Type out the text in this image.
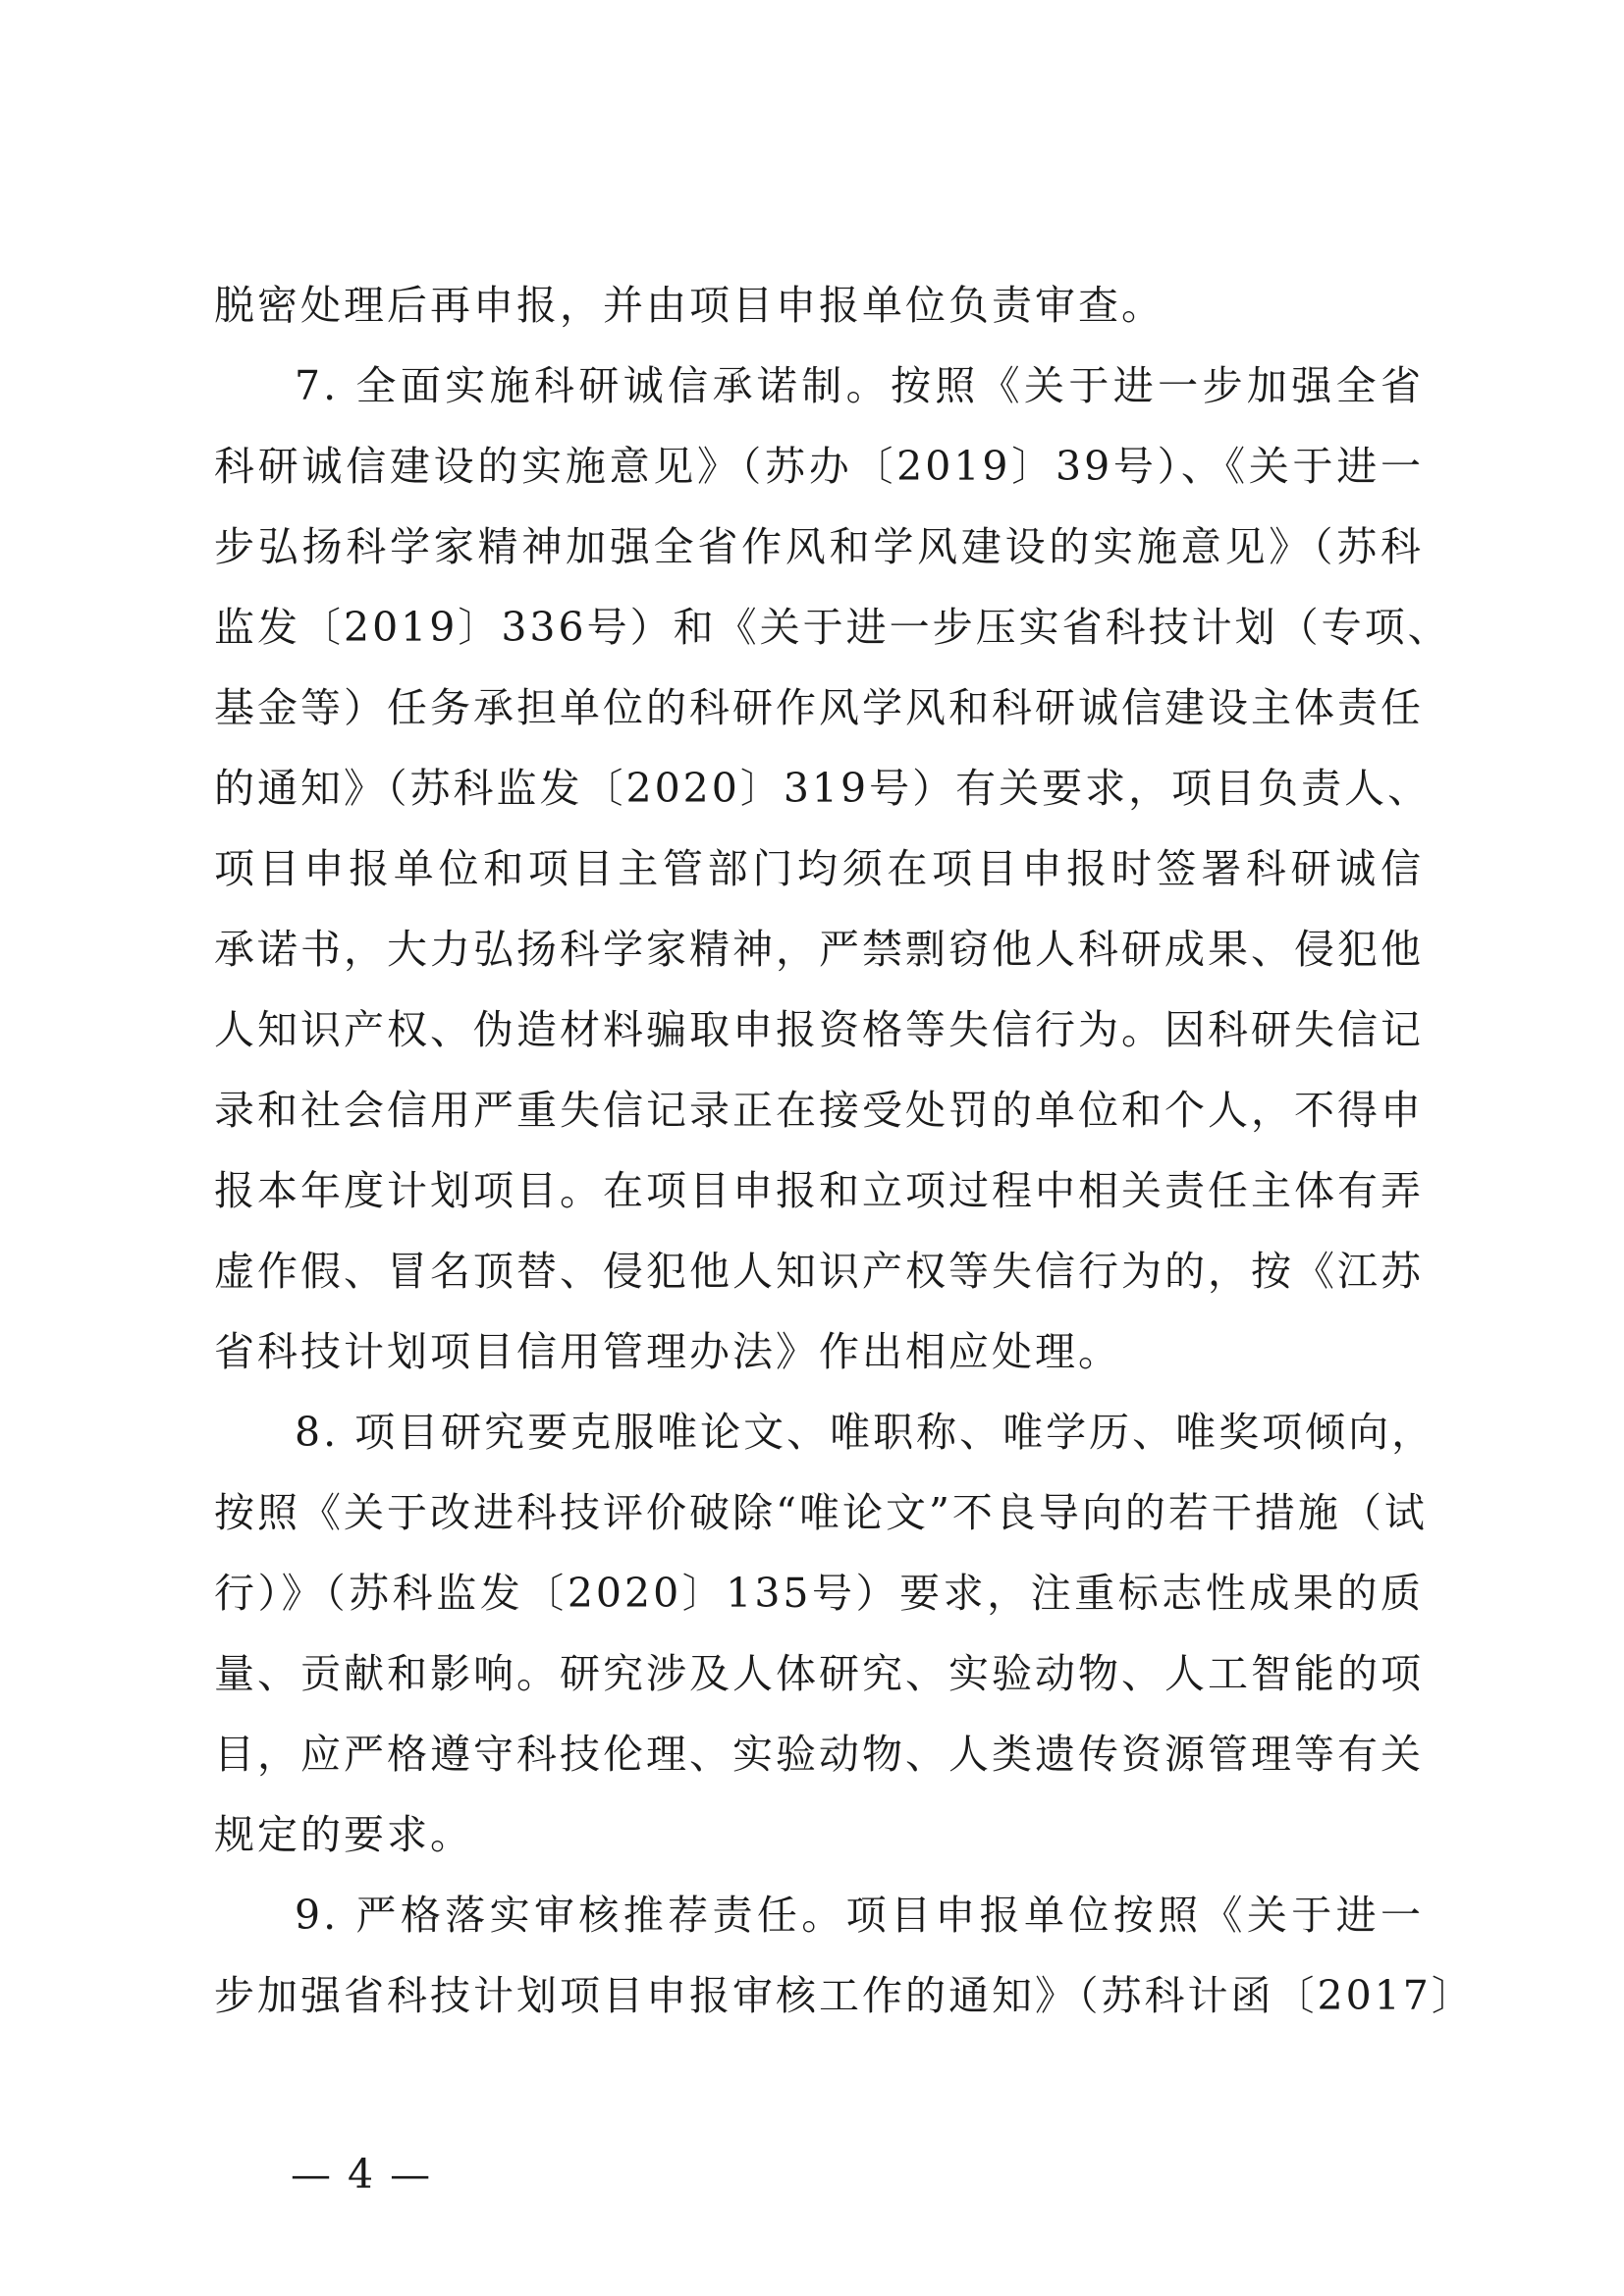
脱密处理后再申报，并由项目申报单位负责审查。
7. 全面实施科研诚信承诺制。按照《关于进一步加强全省
科研诚信建设的实施意见》（苏办〔2019〕39号）、《关于进一
步弘扬科学家精神加强全省作风和学风建设的实施意见》（苏科
监发〔2019〕336号）和《关于进一步压实省科技计划（专项、
基金等）任务承担单位的科研作风学风和科研诚信建设主体责任
的通知》（苏科监发〔2020〕319号）有关要求，项目负责人、
项目申报单位和项目主管部门均须在项目申报时签署科研诚信
承诺书，大力弘扬科学家精神，严禁剽窃他人科研成果、侵犯他
人知识产权、伪造材料骗取申报资格等失信行为。因科研失信记
录和社会信用严重失信记录正在接受处罚的单位和个人，不得申
报本年度计划项目。在项目申报和立项过程中相关责任主体有弄
虚作假、冒名顶替、侵犯他人知识产权等失信行为的，按《江苏
省科技计划项目信用管理办法》作出相应处理。
8. 项目研究要克服唯论文、唯职称、唯学历、唯奖项倾向，
按照《关于改进科技评价破除“唯论文”不良导向的若干措施（试
行）》（苏科监发〔2020〕135号）要求，注重标志性成果的质
量、贡献和影响。研究涉及人体研究、实验动物、人工智能的项
目，应严格遵守科技伦理、实验动物、人类遗传资源管理等有关
规定的要求。
9. 严格落实审核推荐责任。项目申报单位按照《关于进一
步加强省科技计划项目申报审核工作的通知》（苏科计函〔2017〕
— 4 —
